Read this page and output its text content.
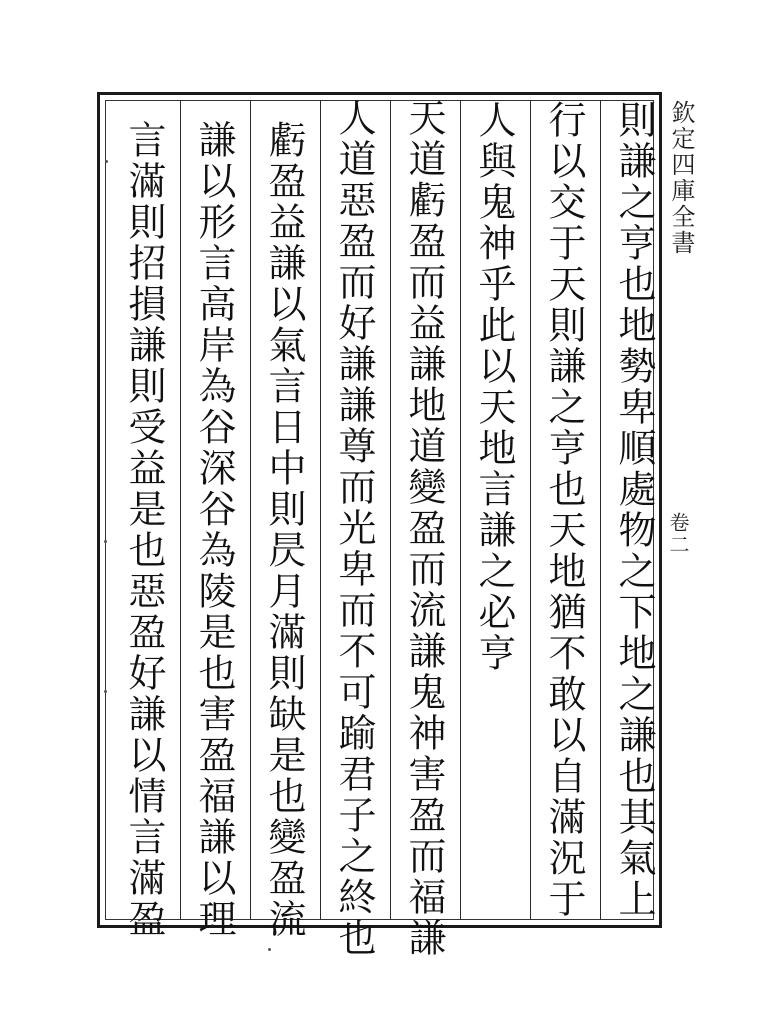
欽定四庫全書
卷二
則謙之亨也地勢卑順處物之下地之謙也其氣上
行以交于天則謙之亨也天地猶不敢以自滿況于
人與鬼神乎此以天地言謙之必亨
天道虧盈而益謙地道變盈而流謙鬼神害盈而福謙
人道惡盈而好謙謙尊而光卑而不可踰君子之終也
虧盈益謙以氣言日中則昃月滿則缺是也變盈流
謙以形言高岸為谷深谷為陵是也害盈福謙以理
言滿則招損謙則受益是也惡盈好謙以情言滿盈
